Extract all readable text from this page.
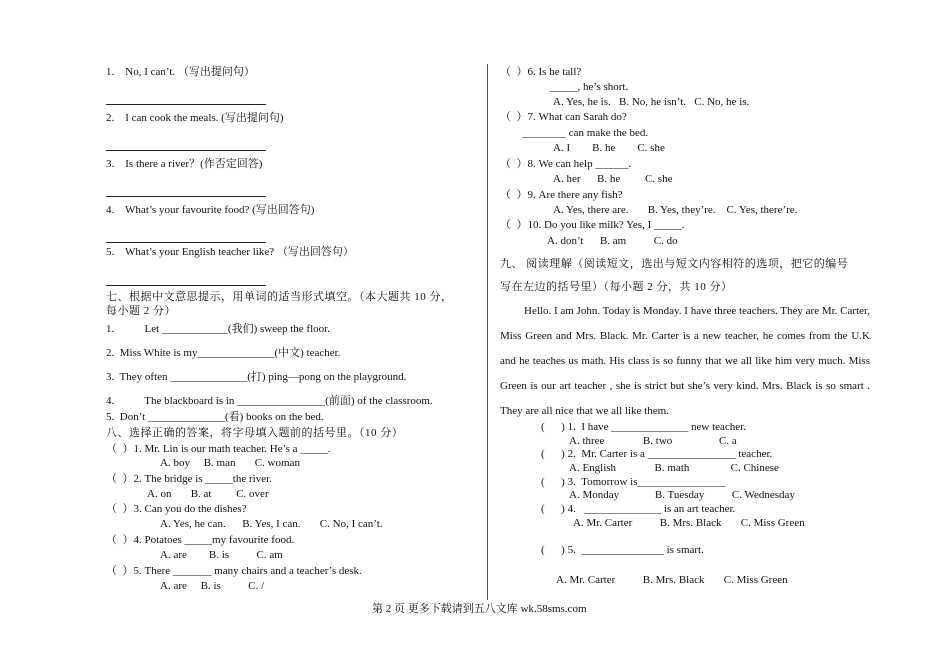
1.    No, I can’t. （写出提问句）
2.    I can cook the meals. (写出提问句)
3.    Is there a river？(作否定回答)
4.    What’s your favourite food? (写出回答句)
5.    What’s your English teacher like? （写出回答句）
七、根据中文意思提示，用单词的适当形式填空。（本大题共 10 分，
每小题 2 分）
1.           Let ____________(我们) sweep the floor.
2.  Miss White is my______________(中文) teacher.
3.  They often ______________(打) ping—pong on the playground.
4.           The blackboard is in ________________(前面) of the classroom.
5.  Don’t ______________(看) books on the bed.
八、选择正确的答案，将字母填入题前的括号里。（10 分）
（  ）1. Mr. Lin is our math teacher. He’s a _____.
A. boy     B. man       C. woman
（  ）2. The bridge is _____the river.
A. on       B. at         C. over
（  ）3. Can you do the dishes?
A. Yes, he can.      B. Yes, I can.       C. No, I can’t.
（  ）4. Potatoes _____my favourite food.
A. are        B. is          C. am
（  ）5. There _______ many chairs and a teacher’s desk.
A. are     B. is          C. /
（  ）6. Is he tall?
_____, he’s short.
A. Yes, he is.   B. No, he isn’t.   C. No, he is.
（  ）7. What can Sarah do?
________ can make the bed.
A. I        B. he        C. she
（  ）8. We can help ______.
A. her      B. he         C. she
（  ）9. Are there any fish?
A. Yes, there are.       B. Yes, they’re.    C. Yes, there’re.
（  ）10. Do you like milk? Yes, I _____.
A. don’t      B. am          C. do
九、 阅读理解（阅读短文，选出与短文内容相符的选项，把它的编号
写在左边的括号里）（每小题 2 分，共 10 分）
Hello. I am John. Today is Monday. I have three teachers. They are Mr. Carter, Miss Green and Mrs. Black. Mr. Carter is a new teacher, he comes from the U.K and he teaches us math. His class is so funny that we all like him very much. Miss Green is our art teacher , she is strict but she’s very kind. Mrs. Black is so smart . They are all nice that we all like them.
(      ) 1.  I have ______________ new teacher.
A. three              B. two                 C. a
(      ) 2.  Mr. Carter is a ________________ teacher.
A. English              B. math               C. Chinese
(      ) 3.  Tomorrow is________________
A. Monday             B. Tuesday          C. Wednesday
(      ) 4.   ______________ is an art teacher.
A. Mr. Carter          B. Mrs. Black       C. Miss Green
(      ) 5.  _______________ is smart.
A. Mr. Carter          B. Mrs. Black       C. Miss Green
第 2 页 更多下载请到五八文库 wk.58sms.com
